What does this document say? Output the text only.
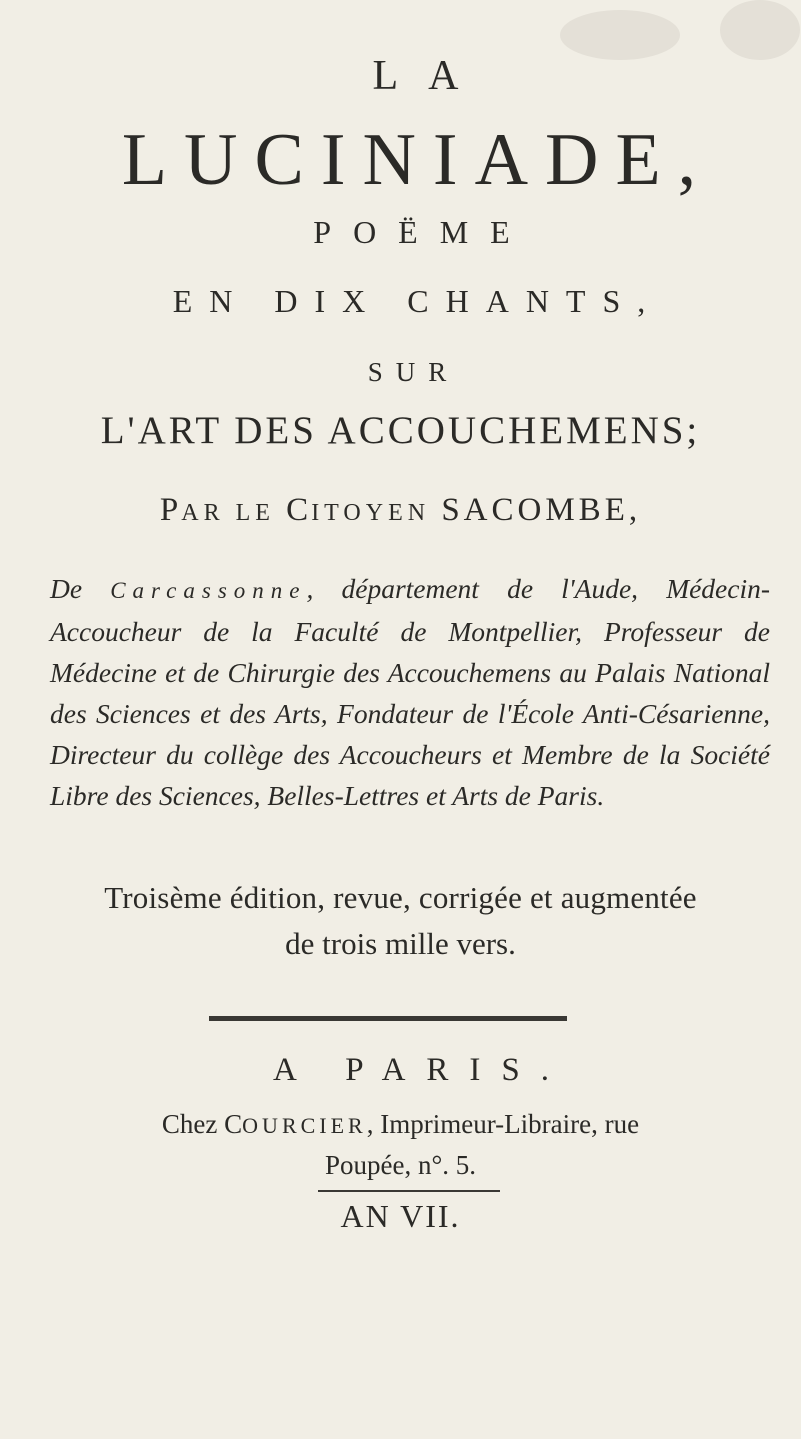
LA
LUCINIADE,
POËME
EN DIX CHANTS,
SUR
L'ART DES ACCOUCHEMENS;
PAR LE CITOYEN SACOMBE,
De Carcassonne, département de l'Aude, Médecin-Accoucheur de la Faculté de Montpellier, Professeur de Médecine et de Chirurgie des Accouchemens au Palais National des Sciences et des Arts, Fondateur de l'École Anti-Césarienne, Directeur du collège des Accoucheurs et Membre de la Société Libre des Sciences, Belles-Lettres et Arts de Paris.
Troisème édition, revue, corrigée et augmentée
de trois mille vers.
A PARIS.
Chez COURCIER, Imprimeur-Libraire, rue
Poupée, n°. 5.
AN VII.
